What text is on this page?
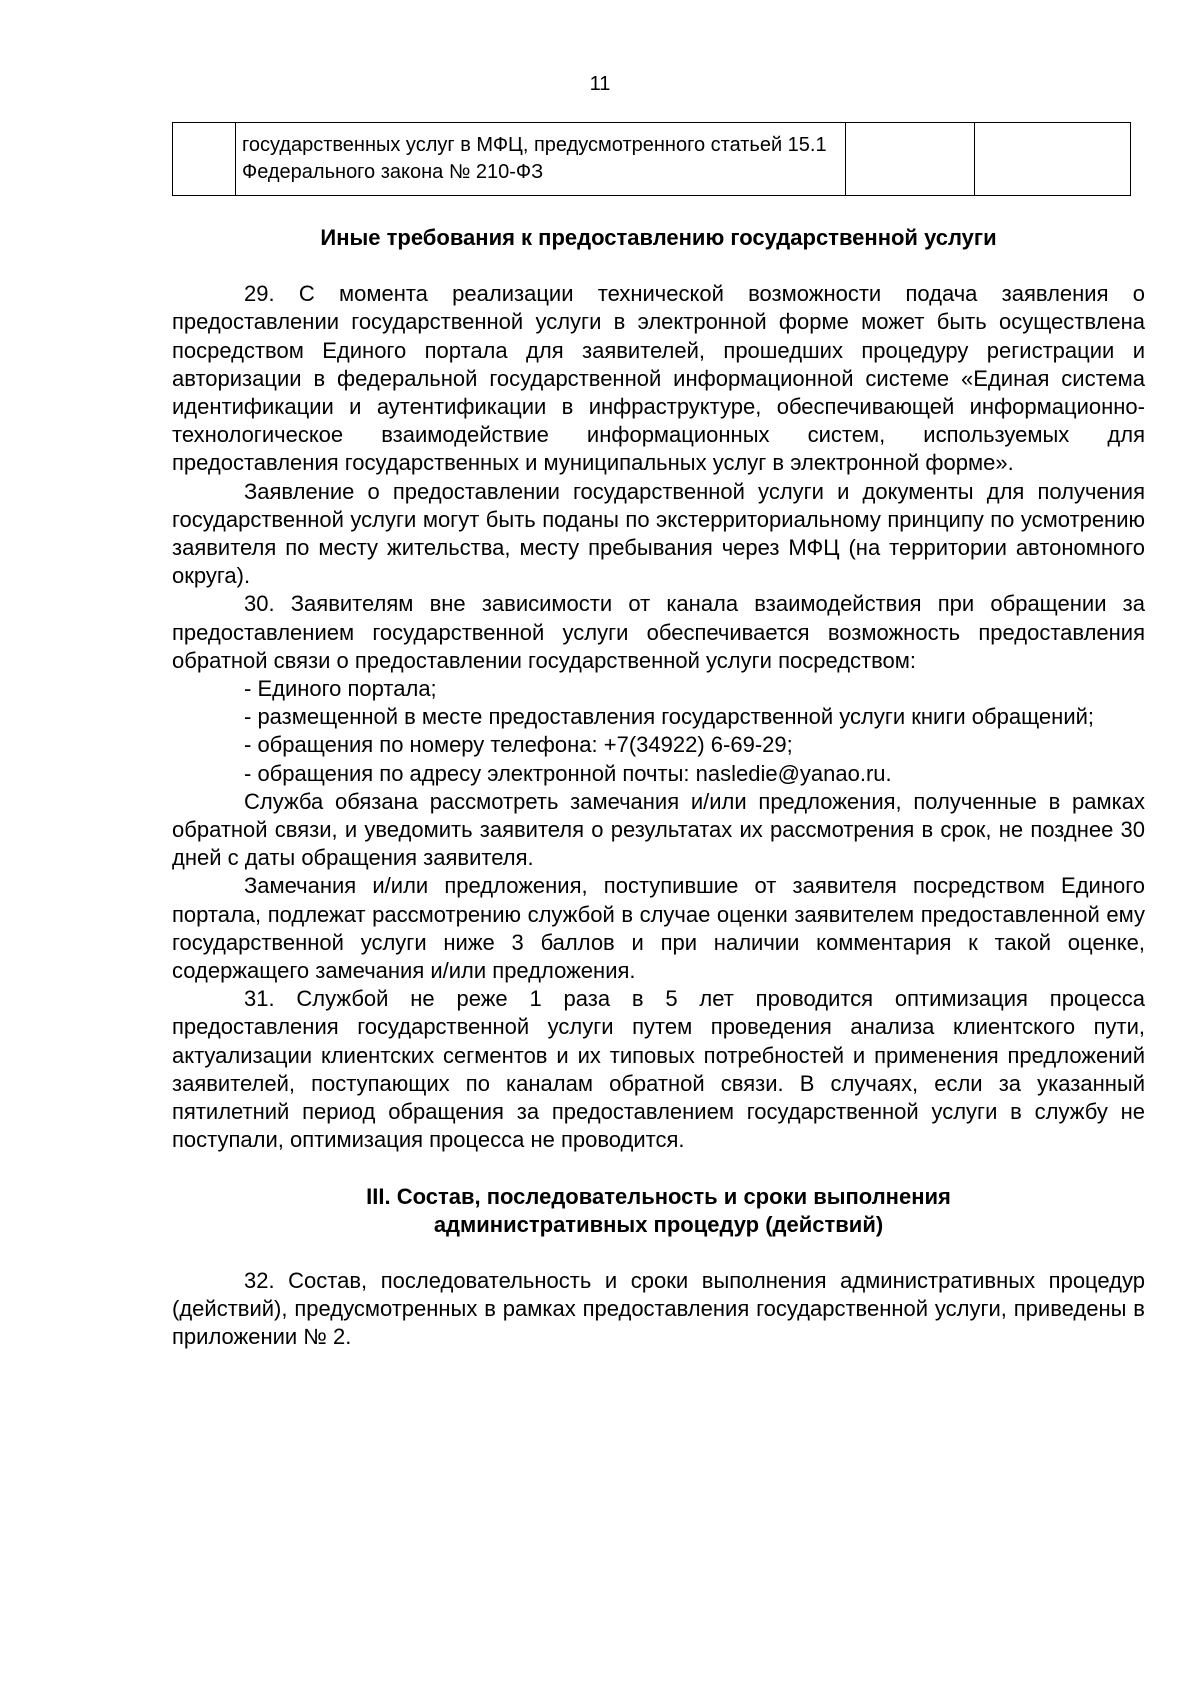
11
	государственных услуг в МФЦ, предусмотренного статьей 15.1 Федерального закона № 210-ФЗ		

Иные требования к предоставлению государственной услуги

29. С момента реализации технической возможности подача заявления о предоставлении государственной услуги в электронной форме может быть осуществлена посредством Единого портала для заявителей, прошедших процедуру регистрации и авторизации в федеральной государственной информационной системе «Единая система идентификации и аутентификации в инфраструктуре, обеспечивающей информационно-технологическое взаимодействие информационных систем, используемых для предоставления государственных и муниципальных услуг в электронной форме».

Заявление о предоставлении государственной услуги и документы для получения государственной услуги могут быть поданы по экстерриториальному принципу по усмотрению заявителя по месту жительства, месту пребывания через МФЦ (на территории автономного округа).

30. Заявителям вне зависимости от канала взаимодействия при обращении за предоставлением государственной услуги обеспечивается возможность предоставления обратной связи о предоставлении государственной услуги посредством:

- Единого портала;

- размещенной в месте предоставления государственной услуги книги обращений;

- обращения по номеру телефона: +7(34922) 6-69-29;

- обращения по адресу электронной почты: nasledie@yanao.ru.

Служба обязана рассмотреть замечания и/или предложения, полученные в рамках обратной связи, и уведомить заявителя о результатах их рассмотрения в срок, не позднее 30 дней с даты обращения заявителя.

Замечания и/или предложения, поступившие от заявителя посредством Единого портала, подлежат рассмотрению службой в случае оценки заявителем предоставленной ему государственной услуги ниже 3 баллов и при наличии комментария к такой оценке, содержащего замечания и/или предложения.

31. Службой не реже 1 раза в 5 лет проводится оптимизация процесса предоставления государственной услуги путем проведения анализа клиентского пути, актуализации клиентских сегментов и их типовых потребностей и применения предложений заявителей, поступающих по каналам обратной связи. В случаях, если за указанный пятилетний период обращения за предоставлением государственной услуги в службу не поступали, оптимизация процесса не проводится.

III. Состав, последовательность и сроки выполнения
административных процедур (действий)

32. Состав, последовательность и сроки выполнения административных процедур (действий), предусмотренных в рамках предоставления государственной услуги, приведены в приложении № 2.
